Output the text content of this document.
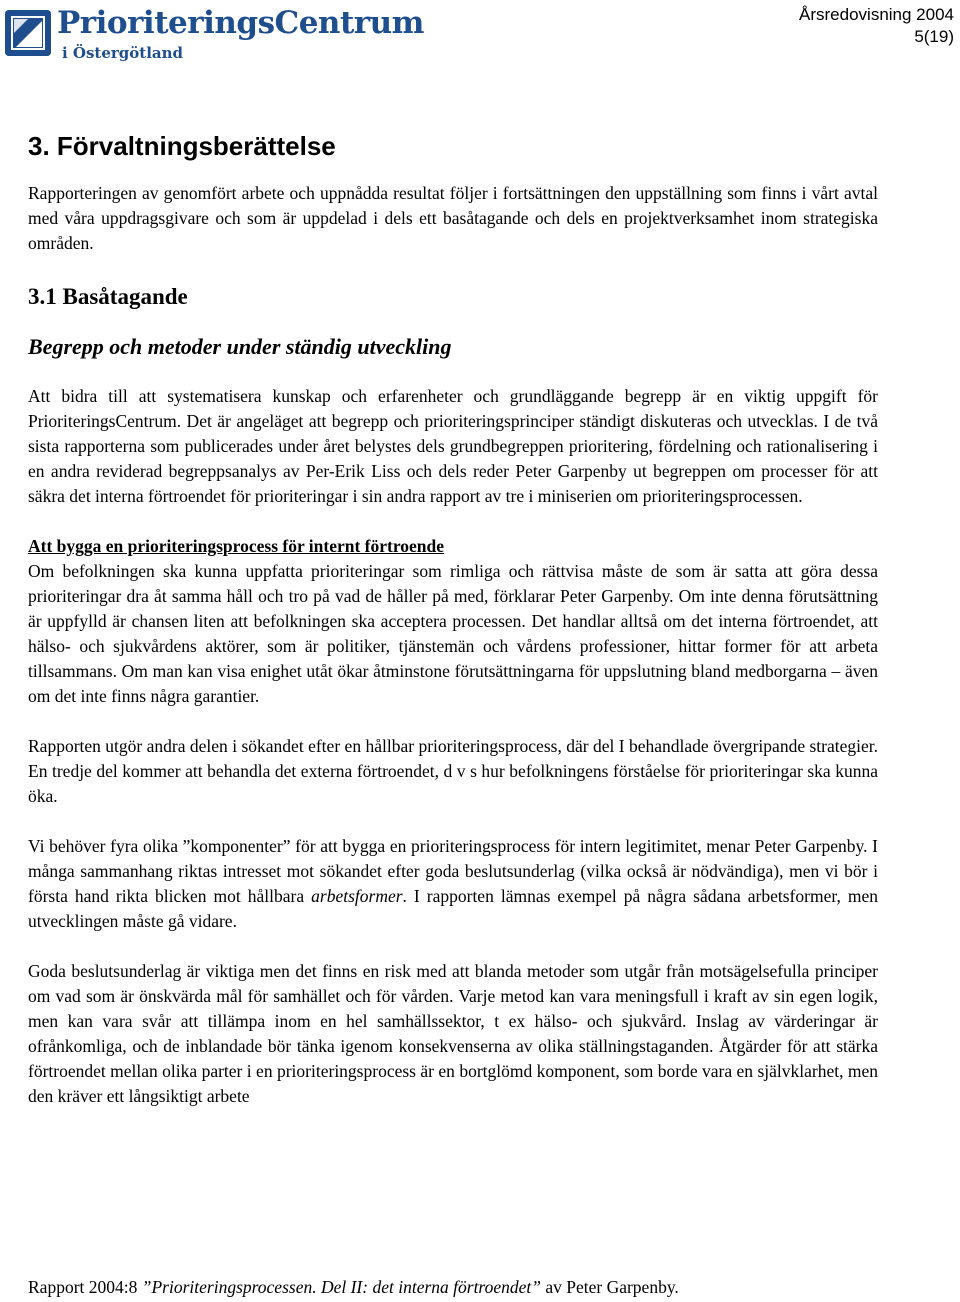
PrioriteringsCentrum
i Östergötland
Årsredovisning 2004
5(19)
3. Förvaltningsberättelse

Rapporteringen av genomfört arbete och uppnådda resultat följer i fortsättningen den uppställning som finns i vårt avtal med våra uppdragsgivare och som är uppdelad i dels ett basåtagande och dels en projektverksamhet inom strategiska områden.

3.1 Basåtagande
Begrepp och metoder under ständig utveckling

Att bidra till att systematisera kunskap och erfarenheter och grundläggande begrepp är en viktig uppgift för PrioriteringsCentrum. Det är angeläget att begrepp och prioriteringsprinciper ständigt diskuteras och utvecklas. I de två sista rapporterna som publicerades under året belystes dels grundbegreppen prioritering, fördelning och rationalisering i en andra reviderad begreppsanalys av Per-Erik Liss och dels reder Peter Garpenby ut begreppen om processer för att säkra det interna förtroendet för prioriteringar i sin andra rapport av tre i miniserien om prioriteringsprocessen.

Att bygga en prioriteringsprocess för internt förtroende

Om befolkningen ska kunna uppfatta prioriteringar som rimliga och rättvisa måste de som är satta att göra dessa prioriteringar dra åt samma håll och tro på vad de håller på med, förklarar Peter Garpenby. Om inte denna förutsättning är uppfylld är chansen liten att befolkningen ska acceptera processen. Det handlar alltså om det interna förtroendet, att hälso- och sjukvårdens aktörer, som är politiker, tjänstemän och vårdens professioner, hittar former för att arbeta tillsammans. Om man kan visa enighet utåt ökar åtminstone förutsättningarna för uppslutning bland medborgarna – även om det inte finns några garantier.

Rapporten utgör andra delen i sökandet efter en hållbar prioriteringsprocess, där del I behandlade övergripande strategier. En tredje del kommer att behandla det externa förtroendet, d v s hur befolkningens förståelse för prioriteringar ska kunna öka.

Vi behöver fyra olika ”komponenter” för att bygga en prioriteringsprocess för intern legitimitet, menar Peter Garpenby. I många sammanhang riktas intresset mot sökandet efter goda beslutsunderlag (vilka också är nödvändiga), men vi bör i första hand rikta blicken mot hållbara arbetsformer. I rapporten lämnas exempel på några sådana arbetsformer, men utvecklingen måste gå vidare.

Goda beslutsunderlag är viktiga men det finns en risk med att blanda metoder som utgår från motsägelsefulla principer om vad som är önskvärda mål för samhället och för vården. Varje metod kan vara meningsfull i kraft av sin egen logik, men kan vara svår att tillämpa inom en hel samhällssektor, t ex hälso- och sjukvård. Inslag av värderingar är ofrånkomliga, och de inblandade bör tänka igenom konsekvenserna av olika ställningstaganden. Åtgärder för att stärka förtroendet mellan olika parter i en prioriteringsprocess är en bortglömd komponent, som borde vara en självklarhet, men den kräver ett långsiktigt arbete

Rapport 2004:8 ”Prioriteringsprocessen. Del II: det interna förtroendet” av Peter Garpenby.
